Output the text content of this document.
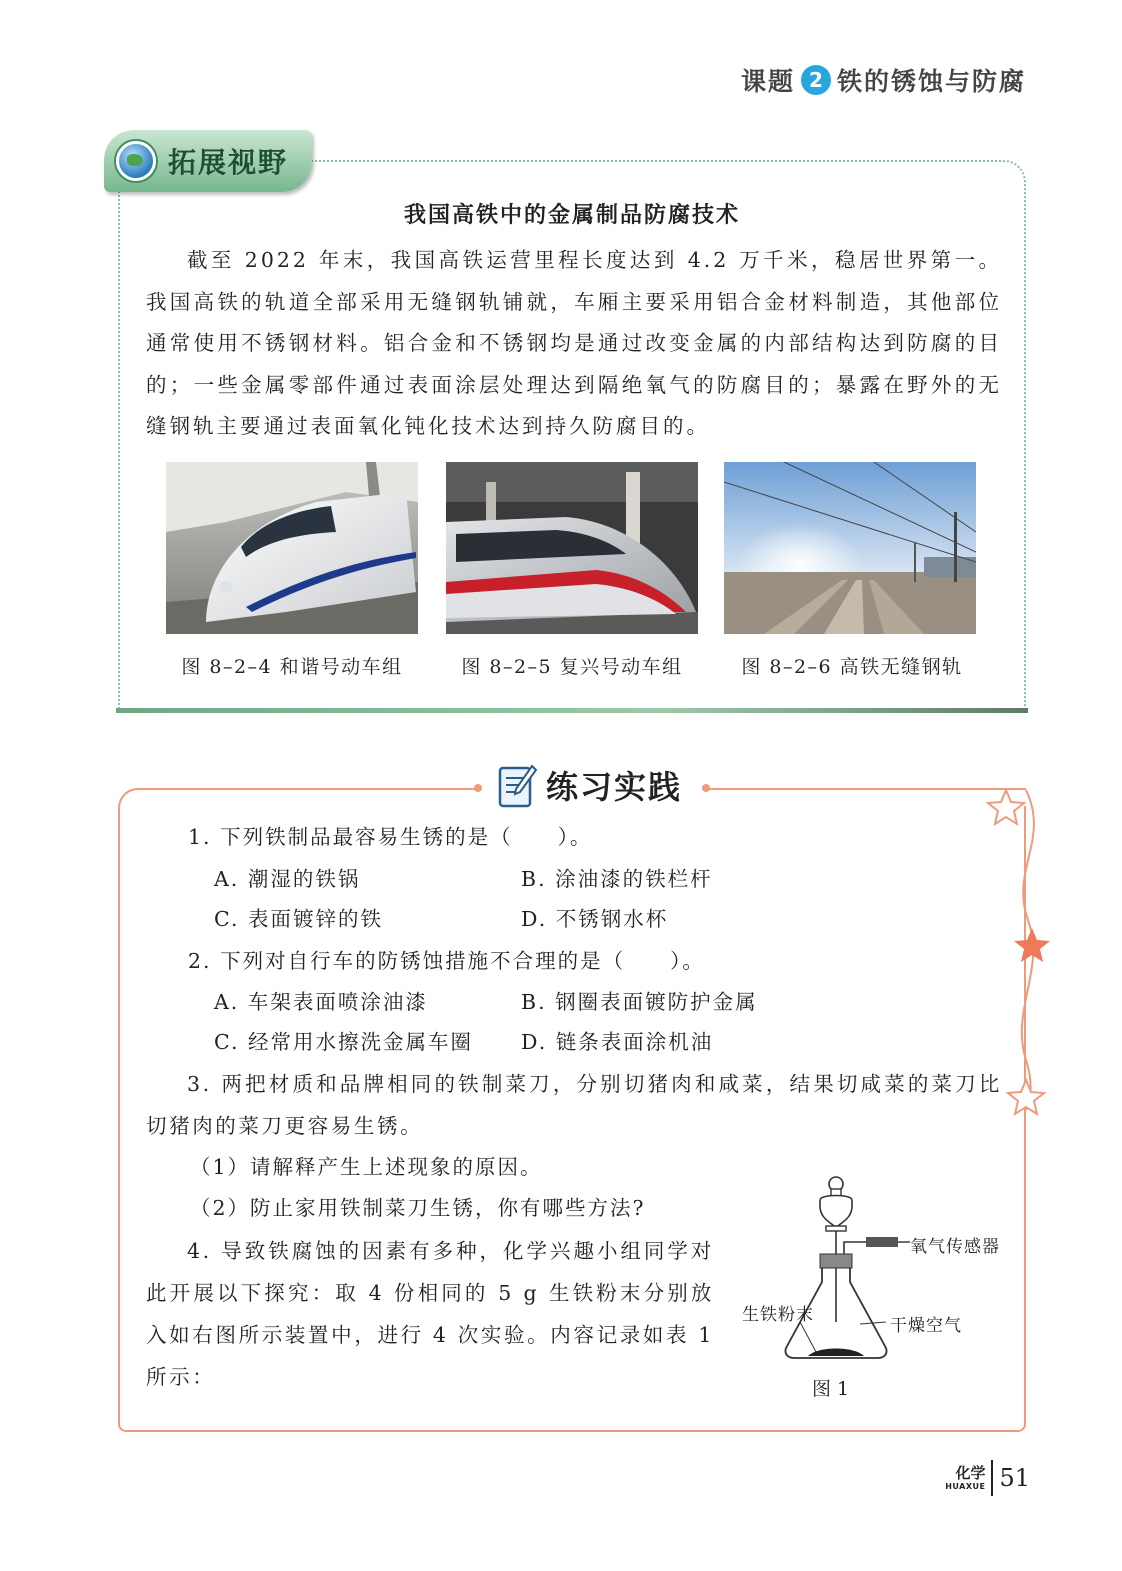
课题 2 铁的锈蚀与防腐
拓展视野
我国高铁中的金属制品防腐技术
截至 2022 年末，我国高铁运营里程长度达到 4.2 万千米，稳居世界第一。我国高铁的轨道全部采用无缝钢轨铺就，车厢主要采用铝合金材料制造，其他部位通常使用不锈钢材料。铝合金和不锈钢均是通过改变金属的内部结构达到防腐的目的；一些金属零部件通过表面涂层处理达到隔绝氧气的防腐目的；暴露在野外的无缝钢轨主要通过表面氧化钝化技术达到持久防腐目的。
图 8–2–4 和谐号动车组	图 8–2–5 复兴号动车组	图 8–2–6 高铁无缝钢轨
练习实践
1. 下列铁制品最容易生锈的是（　　）。
A. 潮湿的铁锅	B. 涂油漆的铁栏杆
C. 表面镀锌的铁	D. 不锈钢水杯
2. 下列对自行车的防锈蚀措施不合理的是（　　）。
A. 车架表面喷涂油漆	B. 钢圈表面镀防护金属
C. 经常用水擦洗金属车圈 D. 链条表面涂机油
3. 两把材质和品牌相同的铁制菜刀，分别切猪肉和咸菜，结果切咸菜的菜刀比切猪肉的菜刀更容易生锈。
（1）请解释产生上述现象的原因。
（2）防止家用铁制菜刀生锈，你有哪些方法?
4. 导致铁腐蚀的因素有多种，化学兴趣小组同学对此开展以下探究：取 4 份相同的 5 g 生铁粉末分别放入如右图所示装置中，进行 4 次实验。内容记录如表 1 所示：
氧气传感器
生铁粉末
干燥空气
图 1
化学
HUAXUE 51
